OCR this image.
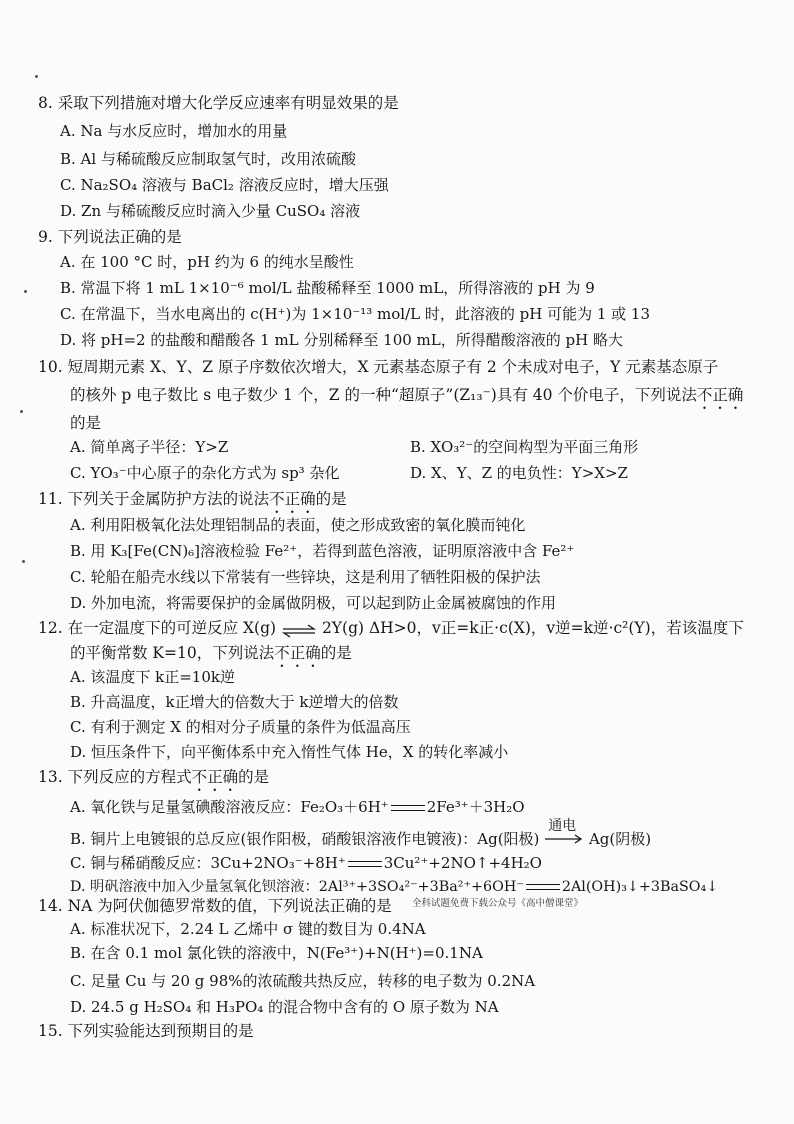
8. 采取下列措施对增大化学反应速率有明显效果的是
A. Na 与水反应时，增加水的用量
B. Al 与稀硫酸反应制取氢气时，改用浓硫酸
C. Na₂SO₄ 溶液与 BaCl₂ 溶液反应时，增大压强
D. Zn 与稀硫酸反应时滴入少量 CuSO₄ 溶液
9. 下列说法正确的是
A. 在 100 °C 时，pH 约为 6 的纯水呈酸性
B. 常温下将 1 mL 1×10⁻⁶ mol/L 盐酸稀释至 1000 mL，所得溶液的 pH 为 9
C. 在常温下，当水电离出的 c(H⁺)为 1×10⁻¹³ mol/L 时，此溶液的 pH 可能为 1 或 13
D. 将 pH=2 的盐酸和醋酸各 1 mL 分别稀释至 100 mL，所得醋酸溶液的 pH 略大
10. 短周期元素 X、Y、Z 原子序数依次增大，X 元素基态原子有 2 个未成对电子，Y 元素基态原子
的核外 p 电子数比 s 电子数少 1 个，Z 的一种“超原子”(Z₁₃⁻)具有 40 个价电子，下列说法不正确
的是
A. 简单离子半径：Y>Z	B. XO₃²⁻的空间构型为平面三角形
C. YO₃⁻中心原子的杂化方式为 sp³ 杂化	D. X、Y、Z 的电负性：Y>X>Z
11. 下列关于金属防护方法的说法不正确的是
A. 利用阳极氧化法处理铝制品的表面，使之形成致密的氧化膜而钝化
B. 用 K₃[Fe(CN)₆]溶液检验 Fe²⁺，若得到蓝色溶液，证明原溶液中含 Fe²⁺
C. 轮船在船壳水线以下常装有一些锌块，这是利用了牺牲阳极的保护法
D. 外加电流，将需要保护的金属做阴极，可以起到防止金属被腐蚀的作用
12. 在一定温度下的可逆反应 X(g) ⇌ 2Y(g) ΔH>0，v正=k正·c(X)，v逆=k逆·c²(Y)，若该温度下
的平衡常数 K=10，下列说法不正确的是
A. 该温度下 k正=10k逆
B. 升高温度，k正增大的倍数大于 k逆增大的倍数
C. 有利于测定 X 的相对分子质量的条件为低温高压
D. 恒压条件下，向平衡体系中充入惰性气体 He，X 的转化率减小
13. 下列反应的方程式不正确的是
A. 氧化铁与足量氢碘酸溶液反应：Fe₂O₃＋6H⁺	2Fe³⁺＋3H₂O
B. 铜片上电镀银的总反应(银作阳极，硝酸银溶液作电镀液)：Ag(阳极)
通电
Ag(阴极)
C. 铜与稀硝酸反应：3Cu+2NO₃⁻+8H⁺	3Cu²⁺+2NO↑+4H₂O
D. 明矾溶液中加入少量氢氧化钡溶液：2Al³⁺+3SO₄²⁻+3Ba²⁺+6OH⁻	2Al(OH)₃↓+3BaSO₄↓
14. NA 为阿伏伽德罗常数的值，下列说法正确的是 全科试题免费下载公众号《高中僧课堂》
A. 标准状况下，2.24 L 乙烯中 σ 键的数目为 0.4NA
B. 在含 0.1 mol 氯化铁的溶液中，N(Fe³⁺)+N(H⁺)=0.1NA
C. 足量 Cu 与 20 g 98%的浓硫酸共热反应，转移的电子数为 0.2NA
D. 24.5 g H₂SO₄ 和 H₃PO₄ 的混合物中含有的 O 原子数为 NA
15. 下列实验能达到预期目的是
